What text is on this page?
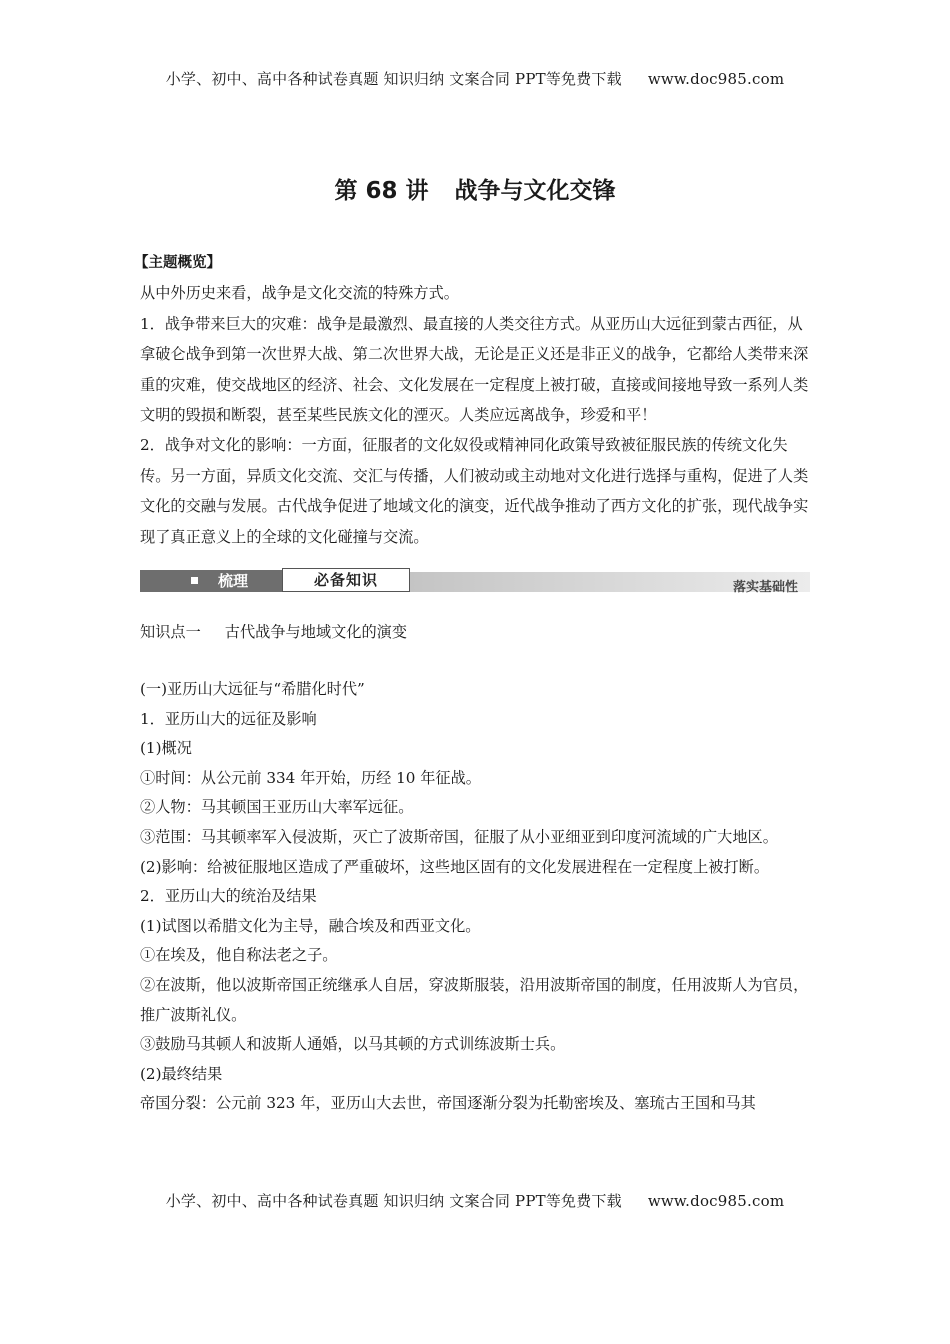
小学、初中、高中各种试卷真题 知识归纳 文案合同 PPT等免费下载 www.doc985.com
第 68 讲 战争与文化交锋

【主题概览】

从中外历史来看，战争是文化交流的特殊方式。

1．战争带来巨大的灾难：战争是最激烈、最直接的人类交往方式。从亚历山大远征到蒙古西征，从拿破仑战争到第一次世界大战、第二次世界大战，无论是正义还是非正义的战争，它都给人类带来深重的灾难，使交战地区的经济、社会、文化发展在一定程度上被打破，直接或间接地导致一系列人类文明的毁损和断裂，甚至某些民族文化的湮灭。人类应远离战争，珍爱和平！

2．战争对文化的影响：一方面，征服者的文化奴役或精神同化政策导致被征服民族的传统文化失传。另一方面，异质文化交流、交汇与传播，人们被动或主动地对文化进行选择与重构，促进了人类文化的交融与发展。古代战争促进了地域文化的演变，近代战争推动了西方文化的扩张，现代战争实现了真正意义上的全球的文化碰撞与交流。

梳理	必备知识	落实基础性
知识点一 古代战争与地域文化的演变

(一)亚历山大远征与“希腊化时代”

1．亚历山大的远征及影响

(1)概况

①时间：从公元前 334 年开始，历经 10 年征战。

②人物：马其顿国王亚历山大率军远征。

③范围：马其顿率军入侵波斯，灭亡了波斯帝国，征服了从小亚细亚到印度河流域的广大地区。

(2)影响：给被征服地区造成了严重破坏，这些地区固有的文化发展进程在一定程度上被打断。

2．亚历山大的统治及结果

(1)试图以希腊文化为主导，融合埃及和西亚文化。

①在埃及，他自称法老之子。

②在波斯，他以波斯帝国正统继承人自居，穿波斯服装，沿用波斯帝国的制度，任用波斯人为官员，推广波斯礼仪。

③鼓励马其顿人和波斯人通婚，以马其顿的方式训练波斯士兵。

(2)最终结果

帝国分裂：公元前 323 年，亚历山大去世，帝国逐渐分裂为托勒密埃及、塞琉古王国和马其

小学、初中、高中各种试卷真题 知识归纳 文案合同 PPT等免费下载 www.doc985.com
